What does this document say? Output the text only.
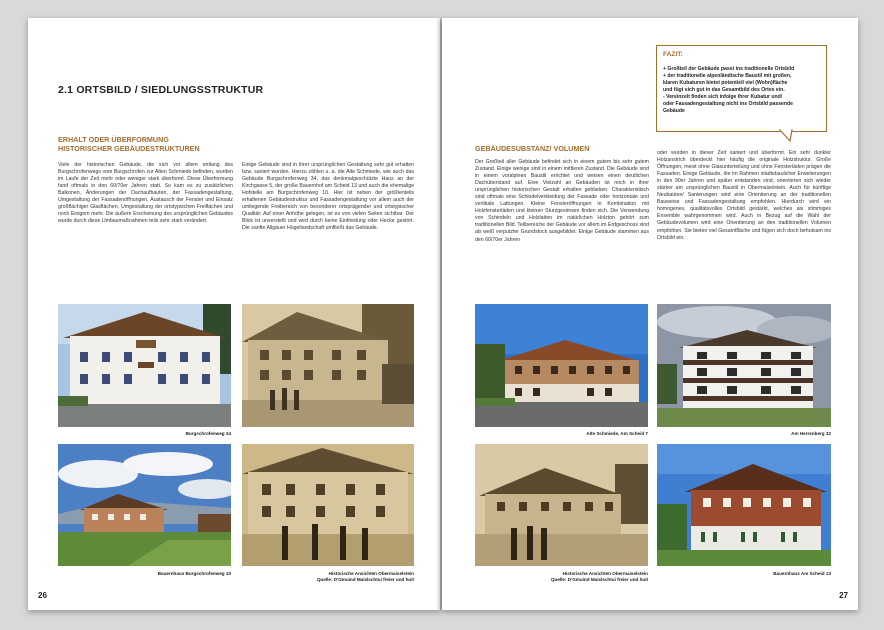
2.1 ORTSBILD / SIEDLUNGSSTRUKTUR
ERHALT ODER ÜBERFORMUNG
HISTORISCHER GEBÄUDESTRUKTUREN
Viele der historischen Gebäude, die sich vor allem entlang des Burgschrofenwegs vom Burgschrofen zur Alten Schmiede befinden, wurden im Laufe der Zeit mehr oder weniger stark überformt. Diese Überformung fand oftmals in den 60/70er Jahren statt. So kam es zu zusätzlichen Balkonen, Änderungen der Dachaufbauten, der Fassadengestaltung, Umgestaltung der Fassadenöffnungen, Austausch der Fenster und Einsatz großflächiger Glasflächen, Umgestaltung der ortstypischen Freiflächen und noch Einigem mehr. Die äußere Erscheinung des ursprünglichen Gebäudes wurde durch diese Umbaumaßnahmen teils sehr stark verändert.
Einige Gebäude sind in ihrer ursprünglichen Gestaltung sehr gut erhalten bzw. saniert worden. Hierzu zählen u. a. die Alte Schmiede, wie auch das Gebäude Burgschrofenweg 34, das denkmalgeschützte Haus an der Kirchgasse 5, der große Bauernhof am Scheid 13 und auch die ehemalige Hofstelle am Burgschrofenweg 10. Hier ist neben der größtenteils erhaltenen Gebäudestruktur und Fassadengestaltung vor allem auch der umliegende Freibereich von besonderer ortsprägender und ortstypischer Qualität: Auf einer Anhöhe gelegen, ist es von vielen Seiten sichtbar. Der Blick ist unverstellt und wird durch keine Einfriedung oder Hecke gestört. Die sanfte Allgäuer Hügellandschaft umfließt das Gebäude.
Burgschrofenweg 34
Bauernhaus Burgschrofenweg 10	Historische Ansichten Obermaiselstein
Quelle: D'Gmuind Maislschtui freier und huit
26
FAZIT:
+ Großteil der Gebäude passt ins traditionelle Ortsbild
+ der traditionelle alpenländische Baustil mit großen,
klaren Kubaturen bietet potentiell viel (Wohn)fläche
und fügt sich gut in das Gesamtbild des Ortes ein.
- Vereinzelt finden sich infolge ihrer Kubatur und/
oder Fassadengestaltung nicht ins Ortsbild passende
Gebäude
GEBÄUDESUBSTANZ/ VOLUMEN
Der Großteil aller Gebäude befindet sich in einem gutem bis sehr gutem Zustand. Einige wenige sind in einem mittleren Zustand. Die Gebäude sind in einem voralpinen Baustil errichtet und weisen einen deutlichen Dachüberstand auf. Eine Vielzahl an Gebäuden ist noch in ihrer ursprünglichen historischen Gestalt erhalten geblieben. Charakteristisch sind oftmals eine Schindelverkleidung der Fassade oder horizontale und vertikale Lattungen. Kleine Fensteröffnungen in Kombination mit Holzfensterläden und kleinen Sturzgesimsen finden sich. Die Verwendung von Schindeln und Holzlatten im natürlichen Holzton gehört zum traditionellen Bild. Teilbereiche der Gebäude vor allem im Erdgeschoss sind als weiß verputzter Grundstock ausgebildet. Einige Gebäude stammen aus den 60/70er Jahren
oder wurden in dieser Zeit saniert und überformt. Ein sehr dunkler Holzanstrich überdeckt hier häufig die originale Holzstruktur. Große Öffnungen, meist ohne Glasunterteilung und ohne Fensterläden prägen die Fassaden. Einige Gebäude, die im Rahmen städtebaulicher Erweiterungen in den 90er Jahren und später entstanden sind, orientieren sich wieder stärker am ursprünglichen Baustil in Obermaiselstein. Auch für künftige Neubauten/ Sanierungen wird eine Orientierung an der traditionellen Bauweise und Fassadengestaltung empfohlen. Hierdurch wird ein homogenes, qualitätsvolles Ortsbild gestärkt, welches als stimmiges Ensemble wahrgenommen wird. Auch in Bezug auf die Wahl der Gebäudevolumen wird eine Orientierung an den traditionellen Volumen empfohlen. Sie bieten viel Gesamtfläche und fügen sich doch behutsam ins Ortsbild ein.
Alte Schmiede, Am Scheid 7	Am Herrenberg 32
Historische Ansichten Obermaiselstein
Quelle: D'Gmuind Maislschtui freier und huit
Bauernhaus Am Scheid 13
27
